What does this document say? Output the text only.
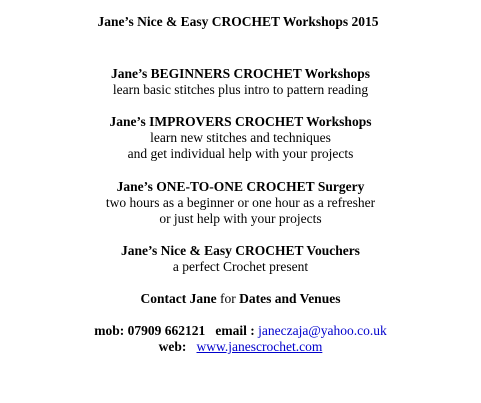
Jane’s Nice & Easy CROCHET Workshops 2015
Jane’s BEGINNERS CROCHET Workshops
learn basic stitches plus intro to pattern reading
Jane’s IMPROVERS CROCHET Workshops
learn new stitches and techniques
and get individual help with your projects
Jane’s ONE-TO-ONE CROCHET Surgery
two hours as a beginner or one hour as a refresher
or just help with your projects
Jane’s Nice & Easy CROCHET Vouchers
a perfect Crochet present
Contact Jane for Dates and Venues
mob: 07909 662121 email : janeczaja@yahoo.co.uk
web: www.janescrochet.com
